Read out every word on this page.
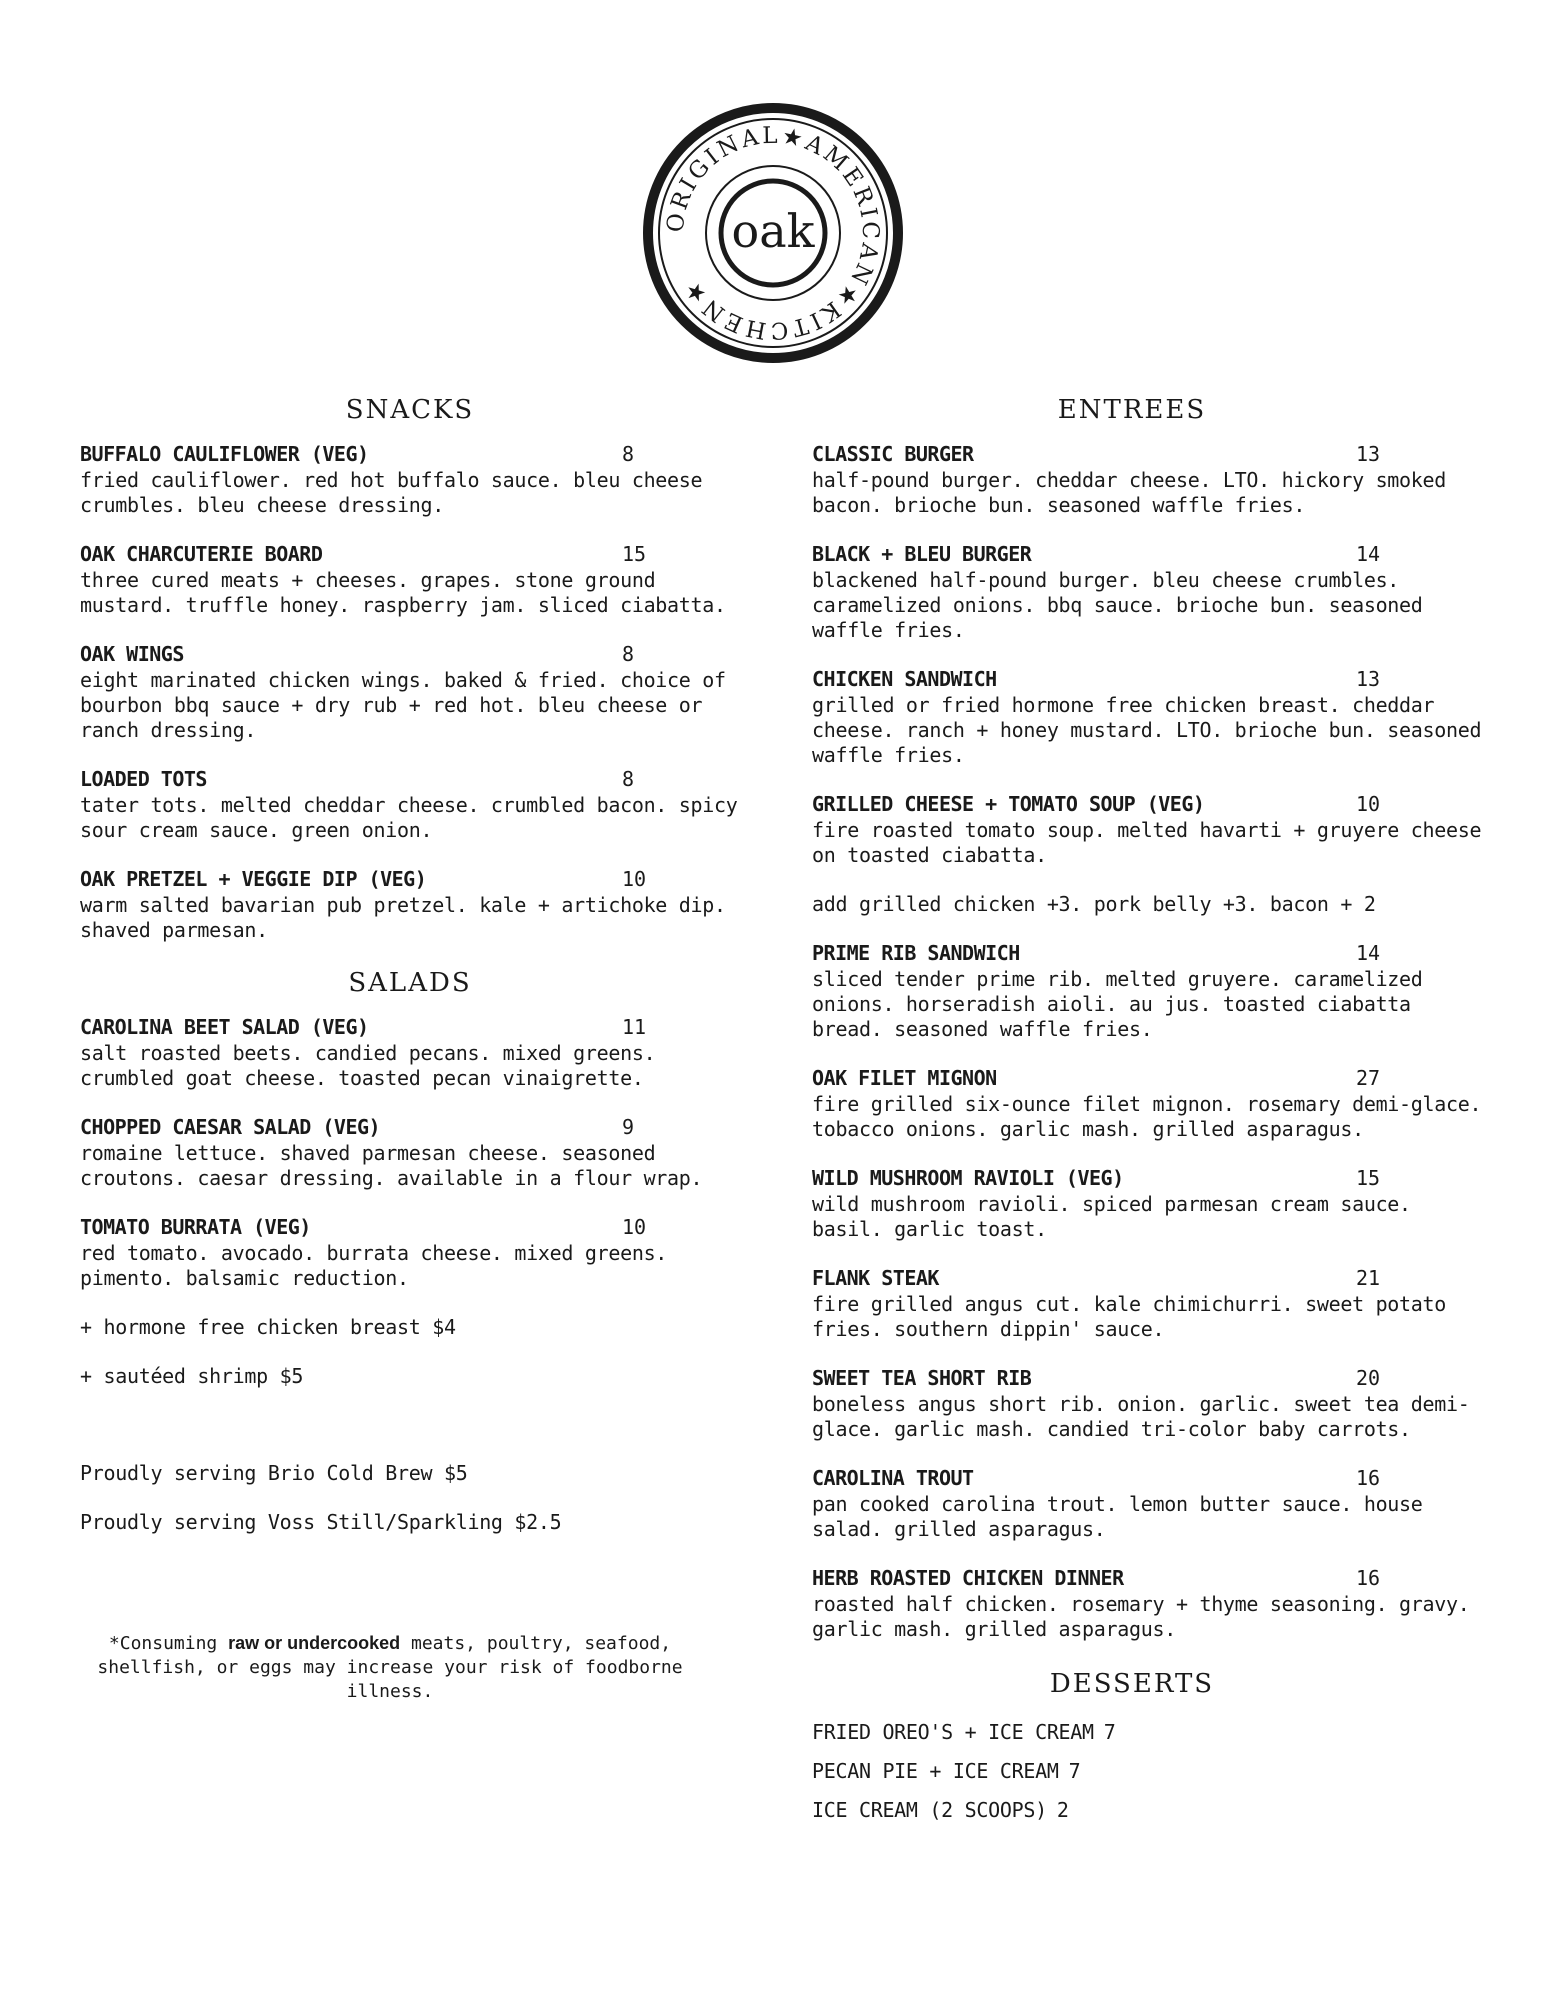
ORIGINAL★AMERICAN★KITCHEN★
oak
SNACKS
BUFFALO CAULIFLOWER (VEG)	8
fried cauliflower. red hot buffalo sauce. bleu cheese crumbles. bleu cheese dressing.
OAK CHARCUTERIE BOARD	15
three cured meats + cheeses. grapes. stone ground mustard. truffle honey. raspberry jam. sliced ciabatta.
OAK WINGS	8
eight marinated chicken wings. baked & fried. choice of bourbon bbq sauce + dry rub + red hot. bleu cheese or ranch dressing.
LOADED TOTS	8
tater tots. melted cheddar cheese. crumbled bacon. spicy sour cream sauce. green onion.
OAK PRETZEL + VEGGIE DIP (VEG)	10
warm salted bavarian pub pretzel. kale + artichoke dip. shaved parmesan.
SALADS
CAROLINA BEET SALAD (VEG)	11
salt roasted beets. candied pecans. mixed greens. crumbled goat cheese. toasted pecan vinaigrette.
CHOPPED CAESAR SALAD (VEG)	9
romaine lettuce. shaved parmesan cheese. seasoned croutons. caesar dressing. available in a flour wrap.
TOMATO BURRATA (VEG)	10
red tomato. avocado. burrata cheese. mixed greens. pimento. balsamic reduction.
+ hormone free chicken breast $4
+ sautéed shrimp $5
Proudly serving Brio Cold Brew $5
Proudly serving Voss Still/Sparkling $2.5
*Consuming raw or undercooked meats, poultry, seafood, shellfish, or eggs may increase your risk of foodborne illness.
ENTREES
CLASSIC BURGER	13
half-pound burger. cheddar cheese. LTO. hickory smoked bacon. brioche bun. seasoned waffle fries.
BLACK + BLEU BURGER	14
blackened half-pound burger. bleu cheese crumbles. caramelized onions. bbq sauce. brioche bun. seasoned waffle fries.
CHICKEN SANDWICH	13
grilled or fried hormone free chicken breast. cheddar cheese. ranch + honey mustard. LTO. brioche bun. seasoned waffle fries.
GRILLED CHEESE + TOMATO SOUP (VEG)	10
fire roasted tomato soup. melted havarti + gruyere cheese on toasted ciabatta.
add grilled chicken +3. pork belly +3. bacon + 2
PRIME RIB SANDWICH	14
sliced tender prime rib. melted gruyere. caramelized onions. horseradish aioli. au jus. toasted ciabatta bread. seasoned waffle fries.
OAK FILET MIGNON	27
fire grilled six-ounce filet mignon. rosemary demi-glace. tobacco onions. garlic mash. grilled asparagus.
WILD MUSHROOM RAVIOLI (VEG)	15
wild mushroom ravioli. spiced parmesan cream sauce. basil. garlic toast.
FLANK STEAK	21
fire grilled angus cut. kale chimichurri. sweet potato fries. southern dippin' sauce.
SWEET TEA SHORT RIB	20
boneless angus short rib. onion. garlic. sweet tea demi-glace. garlic mash. candied tri-color baby carrots.
CAROLINA TROUT	16
pan cooked carolina trout. lemon butter sauce. house salad. grilled asparagus.
HERB ROASTED CHICKEN DINNER	16
roasted half chicken. rosemary + thyme seasoning. gravy. garlic mash. grilled asparagus.
DESSERTS
FRIED OREO'S + ICE CREAM 7
PECAN PIE + ICE CREAM 7
ICE CREAM (2 SCOOPS) 2
